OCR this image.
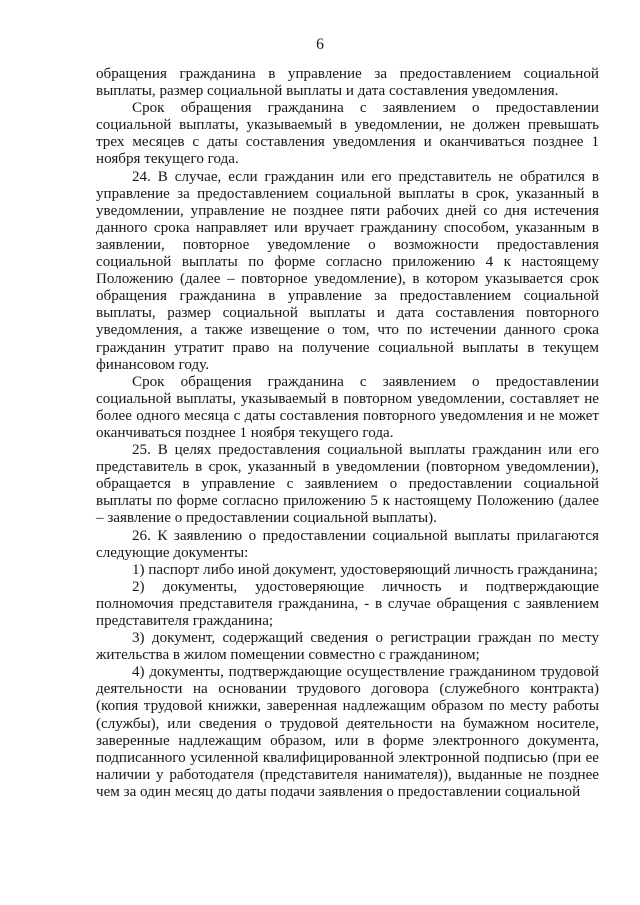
6

обращения гражданина в управление за предоставлением социальной выплаты, размер социальной выплаты и дата составления уведомления.

Срок обращения гражданина с заявлением о предоставлении социальной выплаты, указываемый в уведомлении, не должен превышать трех месяцев с даты составления уведомления и оканчиваться позднее 1 ноября текущего года.

24. В случае, если гражданин или его представитель не обратился в управление за предоставлением социальной выплаты в срок, указанный в уведомлении, управление не позднее пяти рабочих дней со дня истечения данного срока направляет или вручает гражданину способом, указанным в заявлении, повторное уведомление о возможности предоставления социальной выплаты по форме согласно приложению 4 к настоящему Положению (далее – повторное уведомление), в котором указывается срок обращения гражданина в управление за предоставлением социальной выплаты, размер социальной выплаты и дата составления повторного уведомления, а также извещение о том, что по истечении данного срока гражданин утратит право на получение социальной выплаты в текущем финансовом году.

Срок обращения гражданина с заявлением о предоставлении социальной выплаты, указываемый в повторном уведомлении, составляет не более одного месяца с даты составления повторного уведомления и не может оканчиваться позднее 1 ноября текущего года.

25. В целях предоставления социальной выплаты гражданин или его представитель в срок, указанный в уведомлении (повторном уведомлении), обращается в управление с заявлением о предоставлении социальной выплаты по форме согласно приложению 5 к настоящему Положению (далее – заявление о предоставлении социальной выплаты).

26. К заявлению о предоставлении социальной выплаты прилагаются следующие документы:

1) паспорт либо иной документ, удостоверяющий личность гражданина;

2) документы, удостоверяющие личность и подтверждающие полномочия представителя гражданина, - в случае обращения с заявлением представителя гражданина;

3) документ, содержащий сведения о регистрации граждан по месту жительства в жилом помещении совместно с гражданином;

4) документы, подтверждающие осуществление гражданином трудовой деятельности на основании трудового договора (служебного контракта) (копия трудовой книжки, заверенная надлежащим образом по месту работы (службы), или сведения о трудовой деятельности на бумажном носителе, заверенные надлежащим образом, или в форме электронного документа, подписанного усиленной квалифицированной электронной подписью (при ее наличии у работодателя (представителя нанимателя)), выданные не позднее чем за один месяц до даты подачи заявления о предоставлении социальной
